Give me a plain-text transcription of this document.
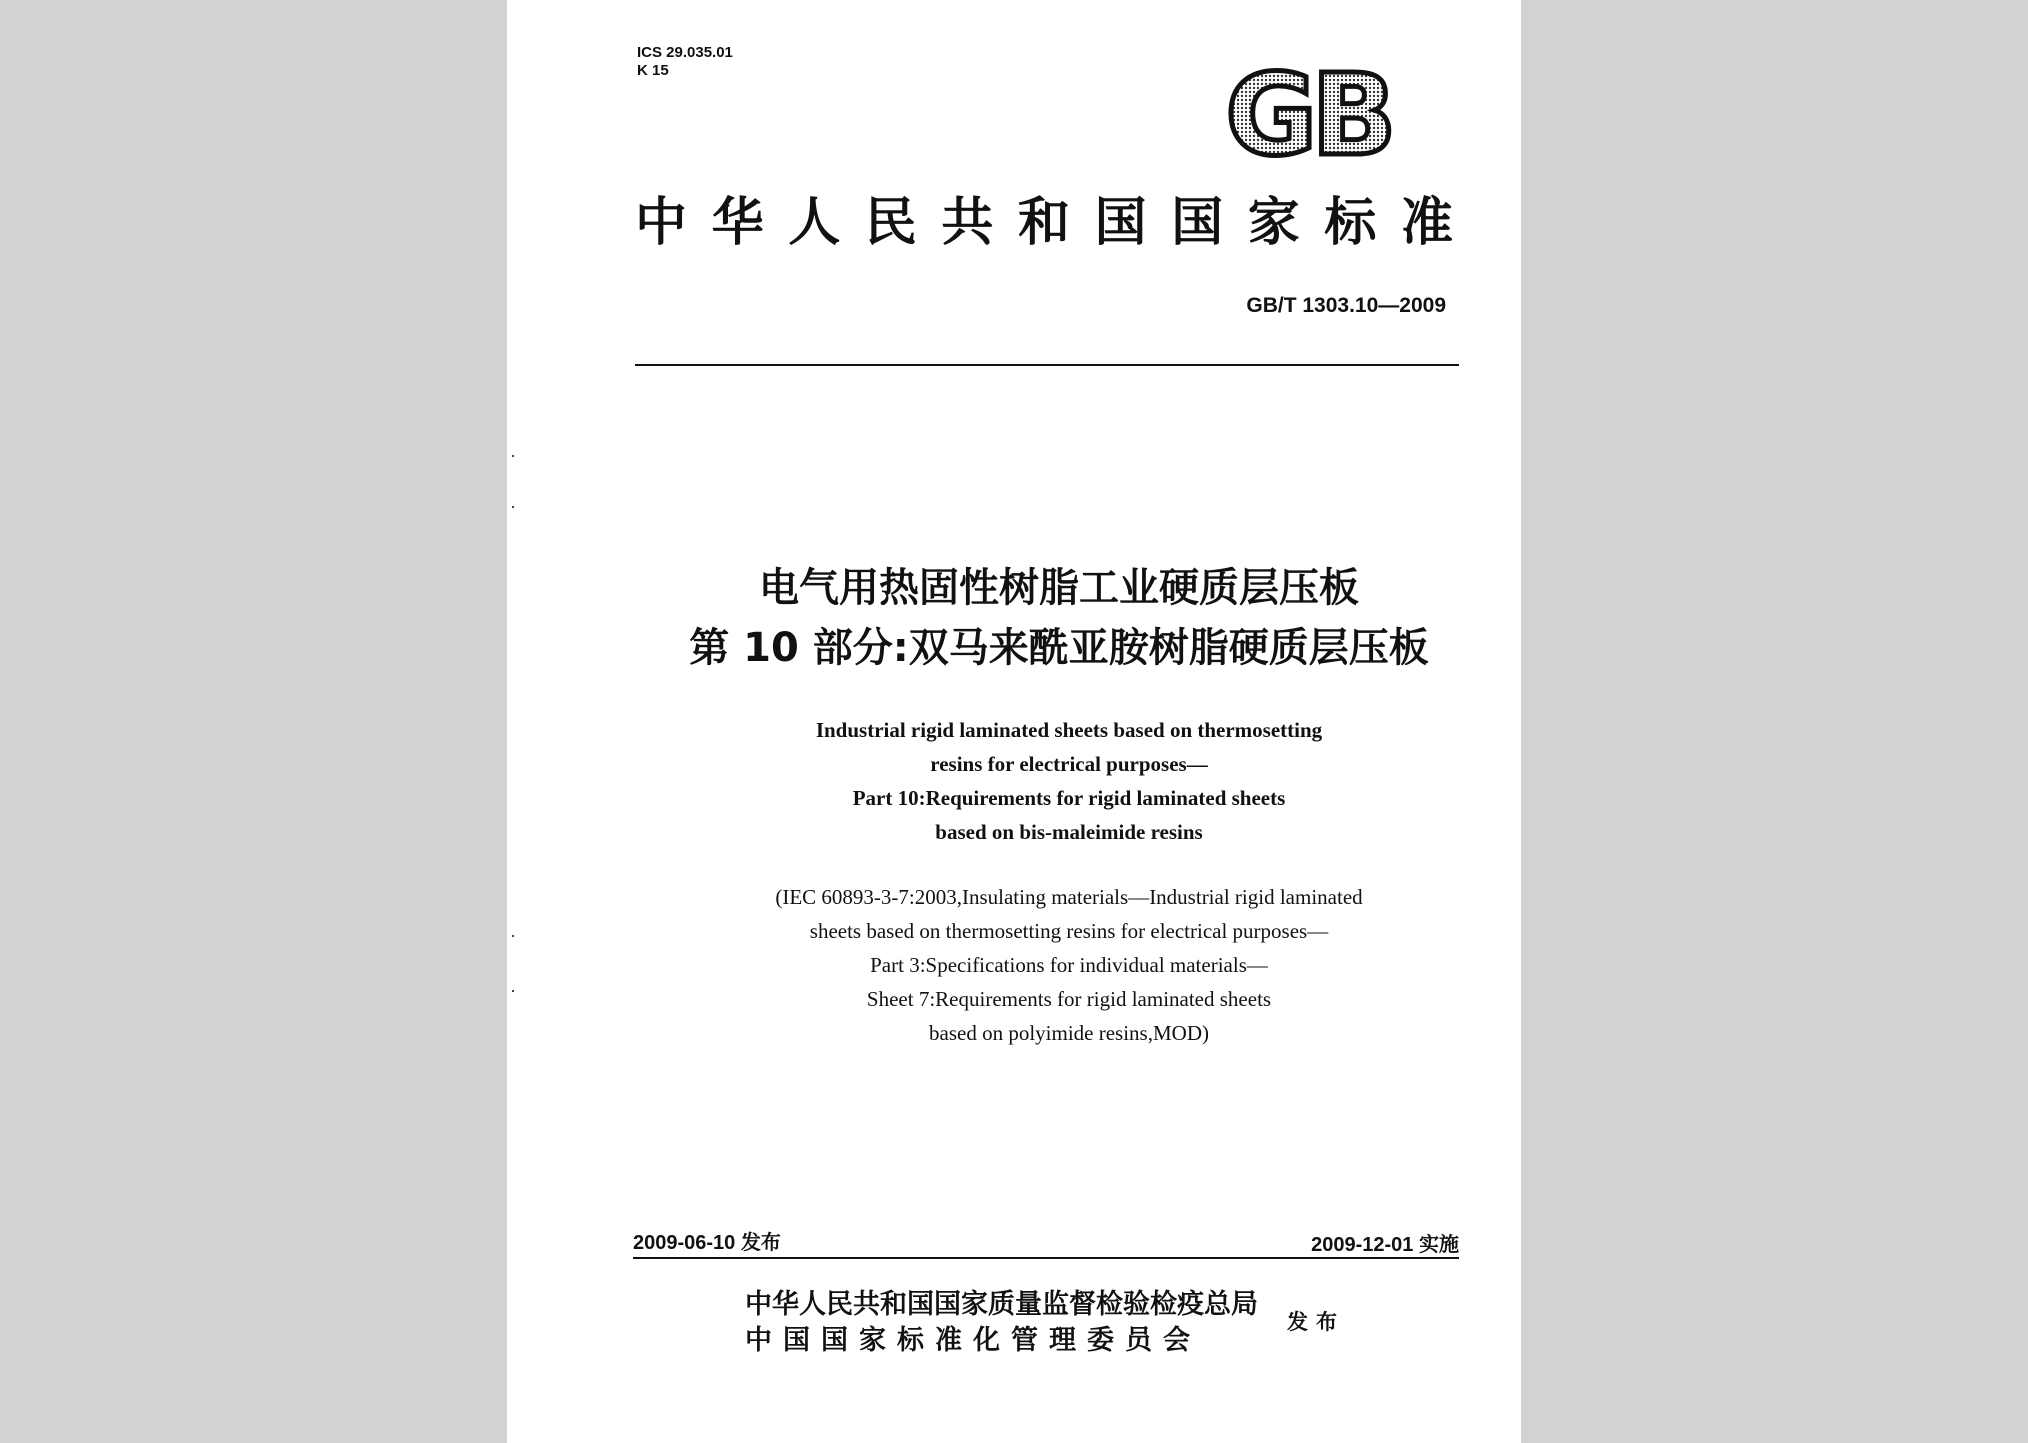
ICS 29.035.01
K 15	GB
中华人民共和国国家标准
GB/T 1303.10—2009
电气用热固性树脂工业硬质层压板
第 10 部分:双马来酰亚胺树脂硬质层压板
Industrial rigid laminated sheets based on thermosetting
resins for electrical purposes—
Part 10:Requirements for rigid laminated sheets
based on bis-maleimide resins
(IEC 60893-3-7:2003,Insulating materials—Industrial rigid laminated
sheets based on thermosetting resins for electrical purposes—
Part 3:Specifications for individual materials—
Sheet 7:Requirements for rigid laminated sheets
based on polyimide resins,MOD)
2009-06-10 发布	2009-12-01 实施
中华人民共和国国家质量监督检验检疫总局
中国国家标准化管理委员会
发布
